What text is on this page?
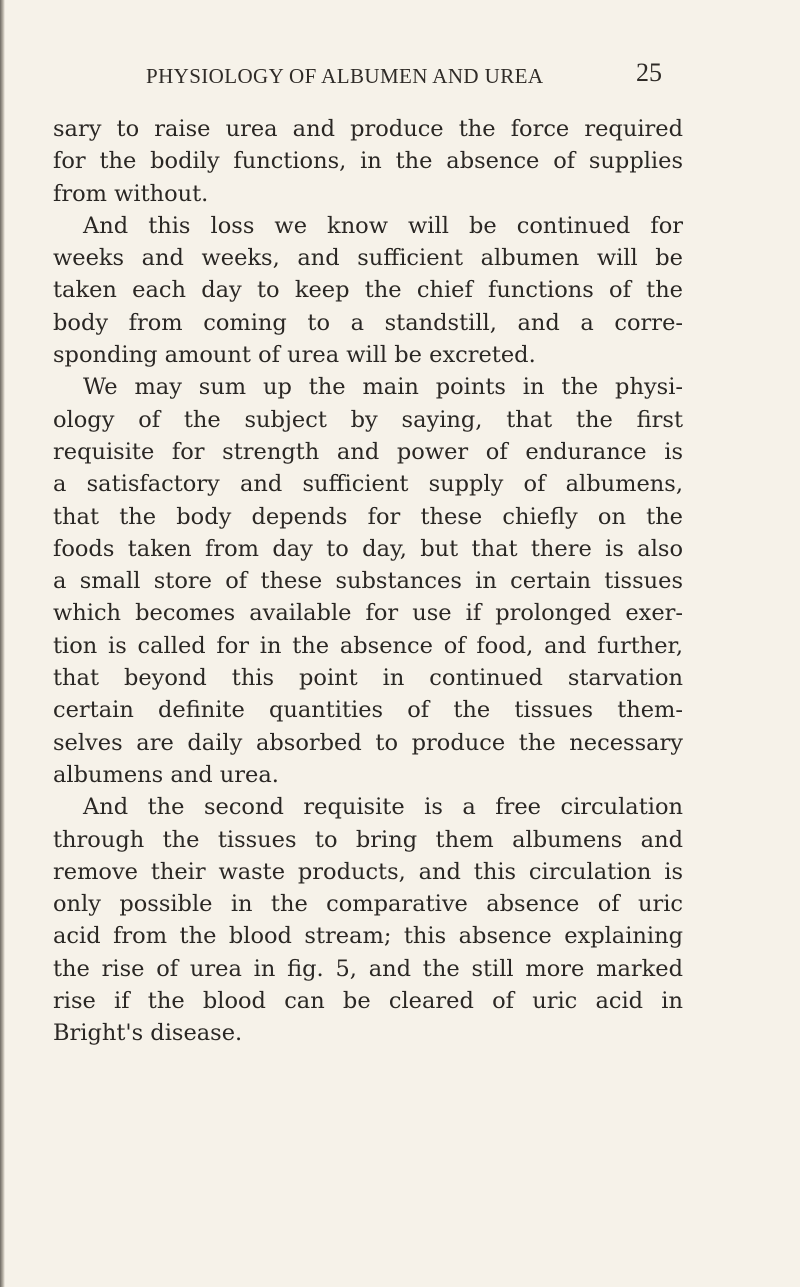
PHYSIOLOGY OF ALBUMEN AND UREA	25
sary to raise urea and produce the force required
for the bodily functions, in the absence of supplies
from without.
And this loss we know will be continued for
weeks and weeks, and sufficient albumen will be
taken each day to keep the chief functions of the
body from coming to a standstill, and a corre-
sponding amount of urea will be excreted.
We may sum up the main points in the physi-
ology of the subject by saying, that the first
requisite for strength and power of endurance is
a satisfactory and sufficient supply of albumens,
that the body depends for these chiefly on the
foods taken from day to day, but that there is also
a small store of these substances in certain tissues
which becomes available for use if prolonged exer-
tion is called for in the absence of food, and further,
that beyond this point in continued starvation
certain definite quantities of the tissues them-
selves are daily absorbed to produce the necessary
albumens and urea.
And the second requisite is a free circulation
through the tissues to bring them albumens and
remove their waste products, and this circulation is
only possible in the comparative absence of uric
acid from the blood stream; this absence explaining
the rise of urea in fig. 5, and the still more marked
rise if the blood can be cleared of uric acid in
Bright's disease.
